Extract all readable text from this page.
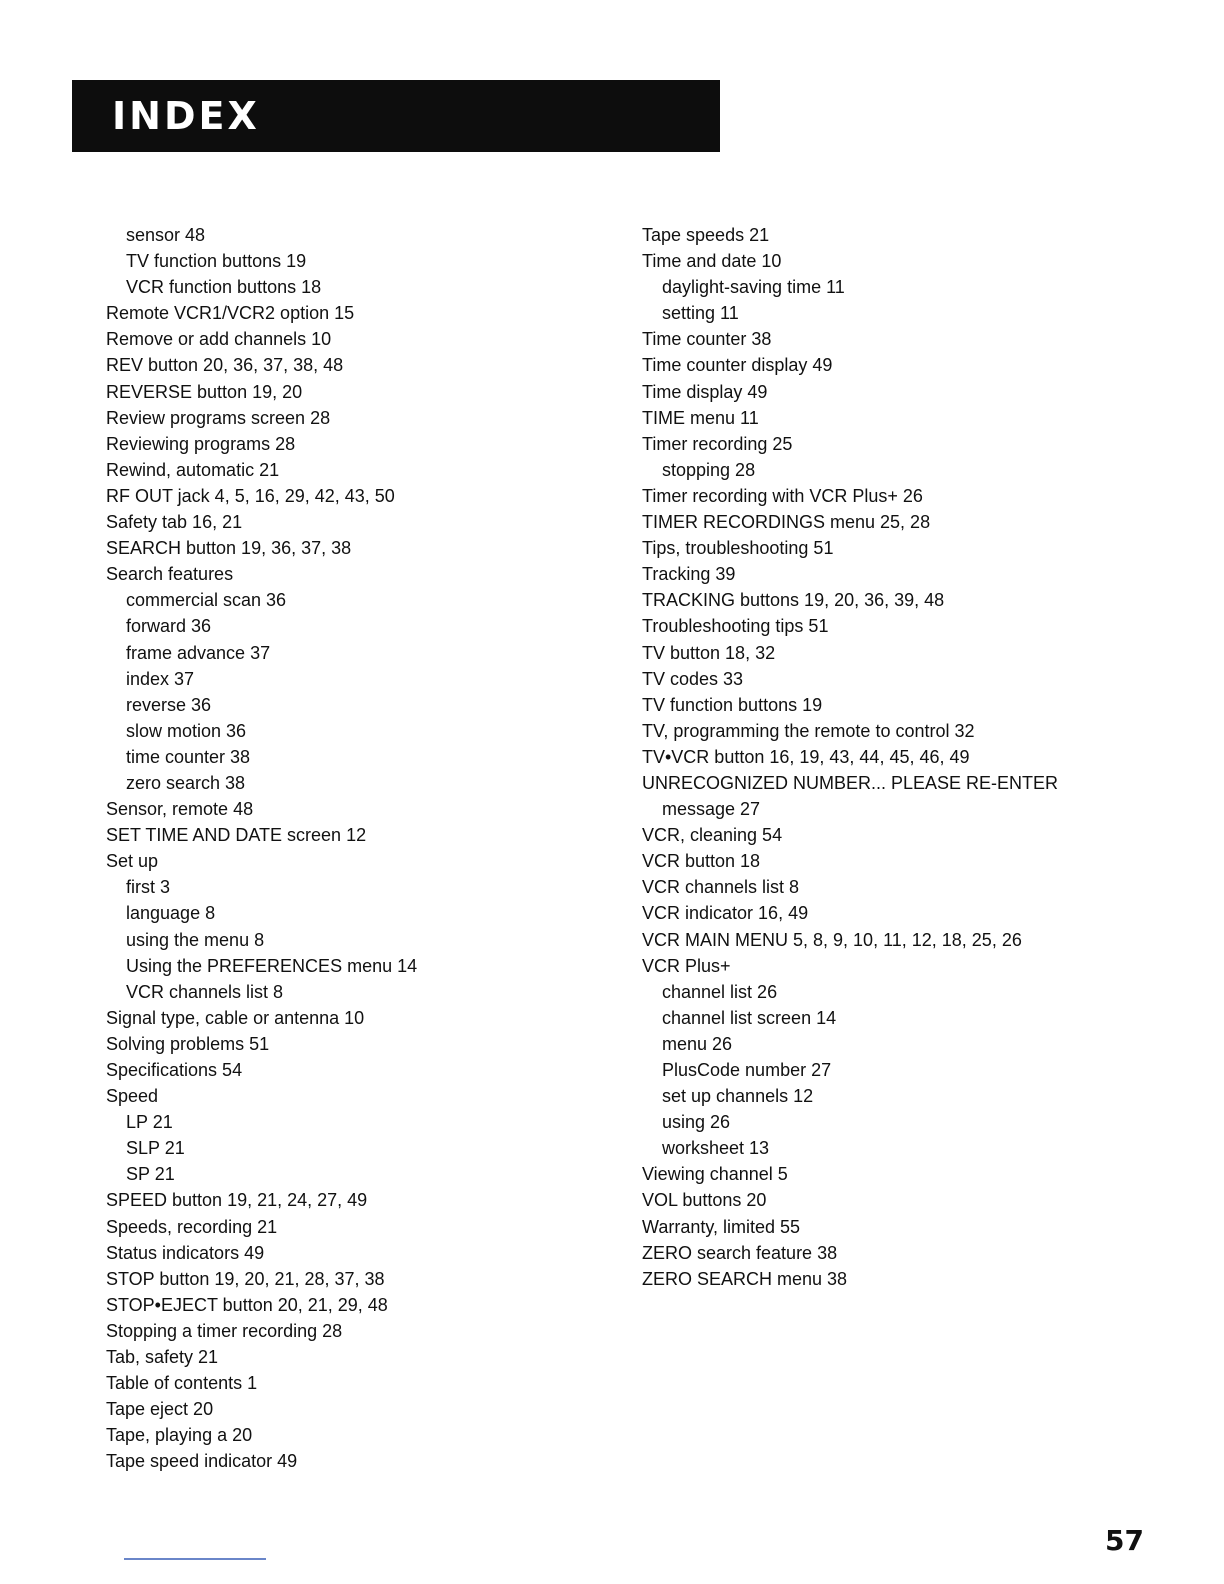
INDEX
sensor 48
TV function buttons 19
VCR function buttons 18
Remote VCR1/VCR2 option 15
Remove or add channels 10
REV button 20, 36, 37, 38, 48
REVERSE button 19, 20
Review programs screen 28
Reviewing programs 28
Rewind, automatic 21
RF OUT jack 4, 5, 16, 29, 42, 43, 50
Safety tab 16, 21
SEARCH button 19, 36, 37, 38
Search features
commercial scan 36
forward 36
frame advance 37
index 37
reverse 36
slow motion 36
time counter 38
zero search 38
Sensor, remote 48
SET TIME AND DATE screen 12
Set up
first 3
language 8
using the menu 8
Using the PREFERENCES menu 14
VCR channels list 8
Signal type, cable or antenna 10
Solving problems 51
Specifications 54
Speed
LP 21
SLP 21
SP 21
SPEED button 19, 21, 24, 27, 49
Speeds, recording 21
Status indicators 49
STOP button 19, 20, 21, 28, 37, 38
STOP•EJECT button 20, 21, 29, 48
Stopping a timer recording 28
Tab, safety 21
Table of contents 1
Tape eject 20
Tape, playing a 20
Tape speed indicator 49
Tape speeds 21
Time and date 10
daylight-saving time 11
setting 11
Time counter 38
Time counter display 49
Time display 49
TIME menu 11
Timer recording 25
stopping 28
Timer recording with VCR Plus+ 26
TIMER RECORDINGS menu 25, 28
Tips, troubleshooting 51
Tracking 39
TRACKING buttons 19, 20, 36, 39, 48
Troubleshooting tips 51
TV button 18, 32
TV codes 33
TV function buttons 19
TV, programming the remote to control 32
TV•VCR button 16, 19, 43, 44, 45, 46, 49
UNRECOGNIZED NUMBER... PLEASE RE-ENTER
message 27
VCR, cleaning 54
VCR button 18
VCR channels list 8
VCR indicator 16, 49
VCR MAIN MENU 5, 8, 9, 10, 11, 12, 18, 25, 26
VCR Plus+
channel list 26
channel list screen 14
menu 26
PlusCode number 27
set up channels 12
using 26
worksheet 13
Viewing channel 5
VOL buttons 20
Warranty, limited 55
ZERO search feature 38
ZERO SEARCH menu 38
57
